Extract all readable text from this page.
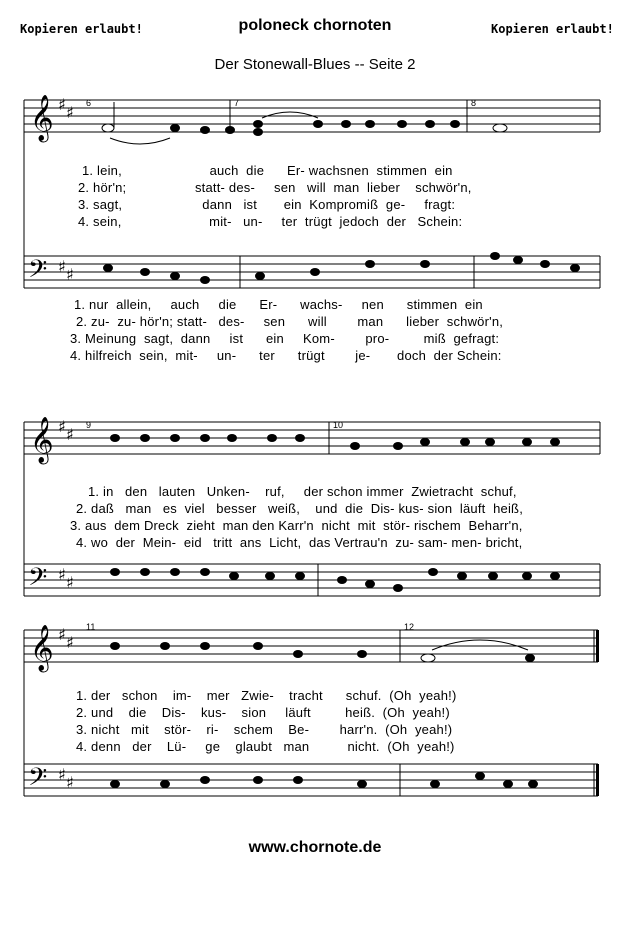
Kopieren erlaubt!	poloneck chornoten	Kopieren erlaubt!
Der Stonewall-Blues -- Seite 2
𝄞 ♯ ♯ 6	7	8
𝄢 ♯ ♯
𝄞 ♯ ♯ 9	10
𝄢 ♯ ♯
𝄞 ♯ ♯
11	12
𝄢 ♯ ♯
1. lein,                       auch  die      Er- wachsnen  stimmen  ein
2. hör'n;                  statt- des-     sen   will  man  lieber    schwör'n,
3. sagt,                     dann   ist       ein  Kompromiß  ge-     fragt:
4. sein,                       mit-   un-     ter  trügt  jedoch  der   Schein:
1. nur  allein,     auch     die      Er-      wachs-     nen      stimmen  ein
2. zu-  zu- hör'n; statt-   des-     sen      will        man      lieber  schwör'n,
3. Meinung  sagt,  dann     ist      ein     Kom-        pro-         miß  gefragt:
4. hilfreich  sein,  mit-     un-      ter      trügt        je-       doch  der Schein:
1. in   den   lauten   Unken-    ruf,     der schon immer  Zwietracht  schuf,
2. daß   man   es  viel   besser   weiß,    und  die  Dis- kus- sion  läuft  heiß,
3. aus  dem Dreck  zieht  man den Karr'n  nicht  mit  stör- rischem  Beharr'n,
4. wo  der  Mein-  eid   tritt  ans  Licht,  das Vertrau'n  zu- sam- men- bricht,
1. der   schon    im-    mer   Zwie-    tracht      schuf.  (Oh  yeah!)
2. und    die    Dis-    kus-    sion     läuft         heiß.  (Oh  yeah!)
3. nicht   mit    stör-    ri-    schem    Be-        harr'n.  (Oh  yeah!)
4. denn   der    Lü-     ge    glaubt   man          nicht.  (Oh  yeah!)
www.chornote.de
